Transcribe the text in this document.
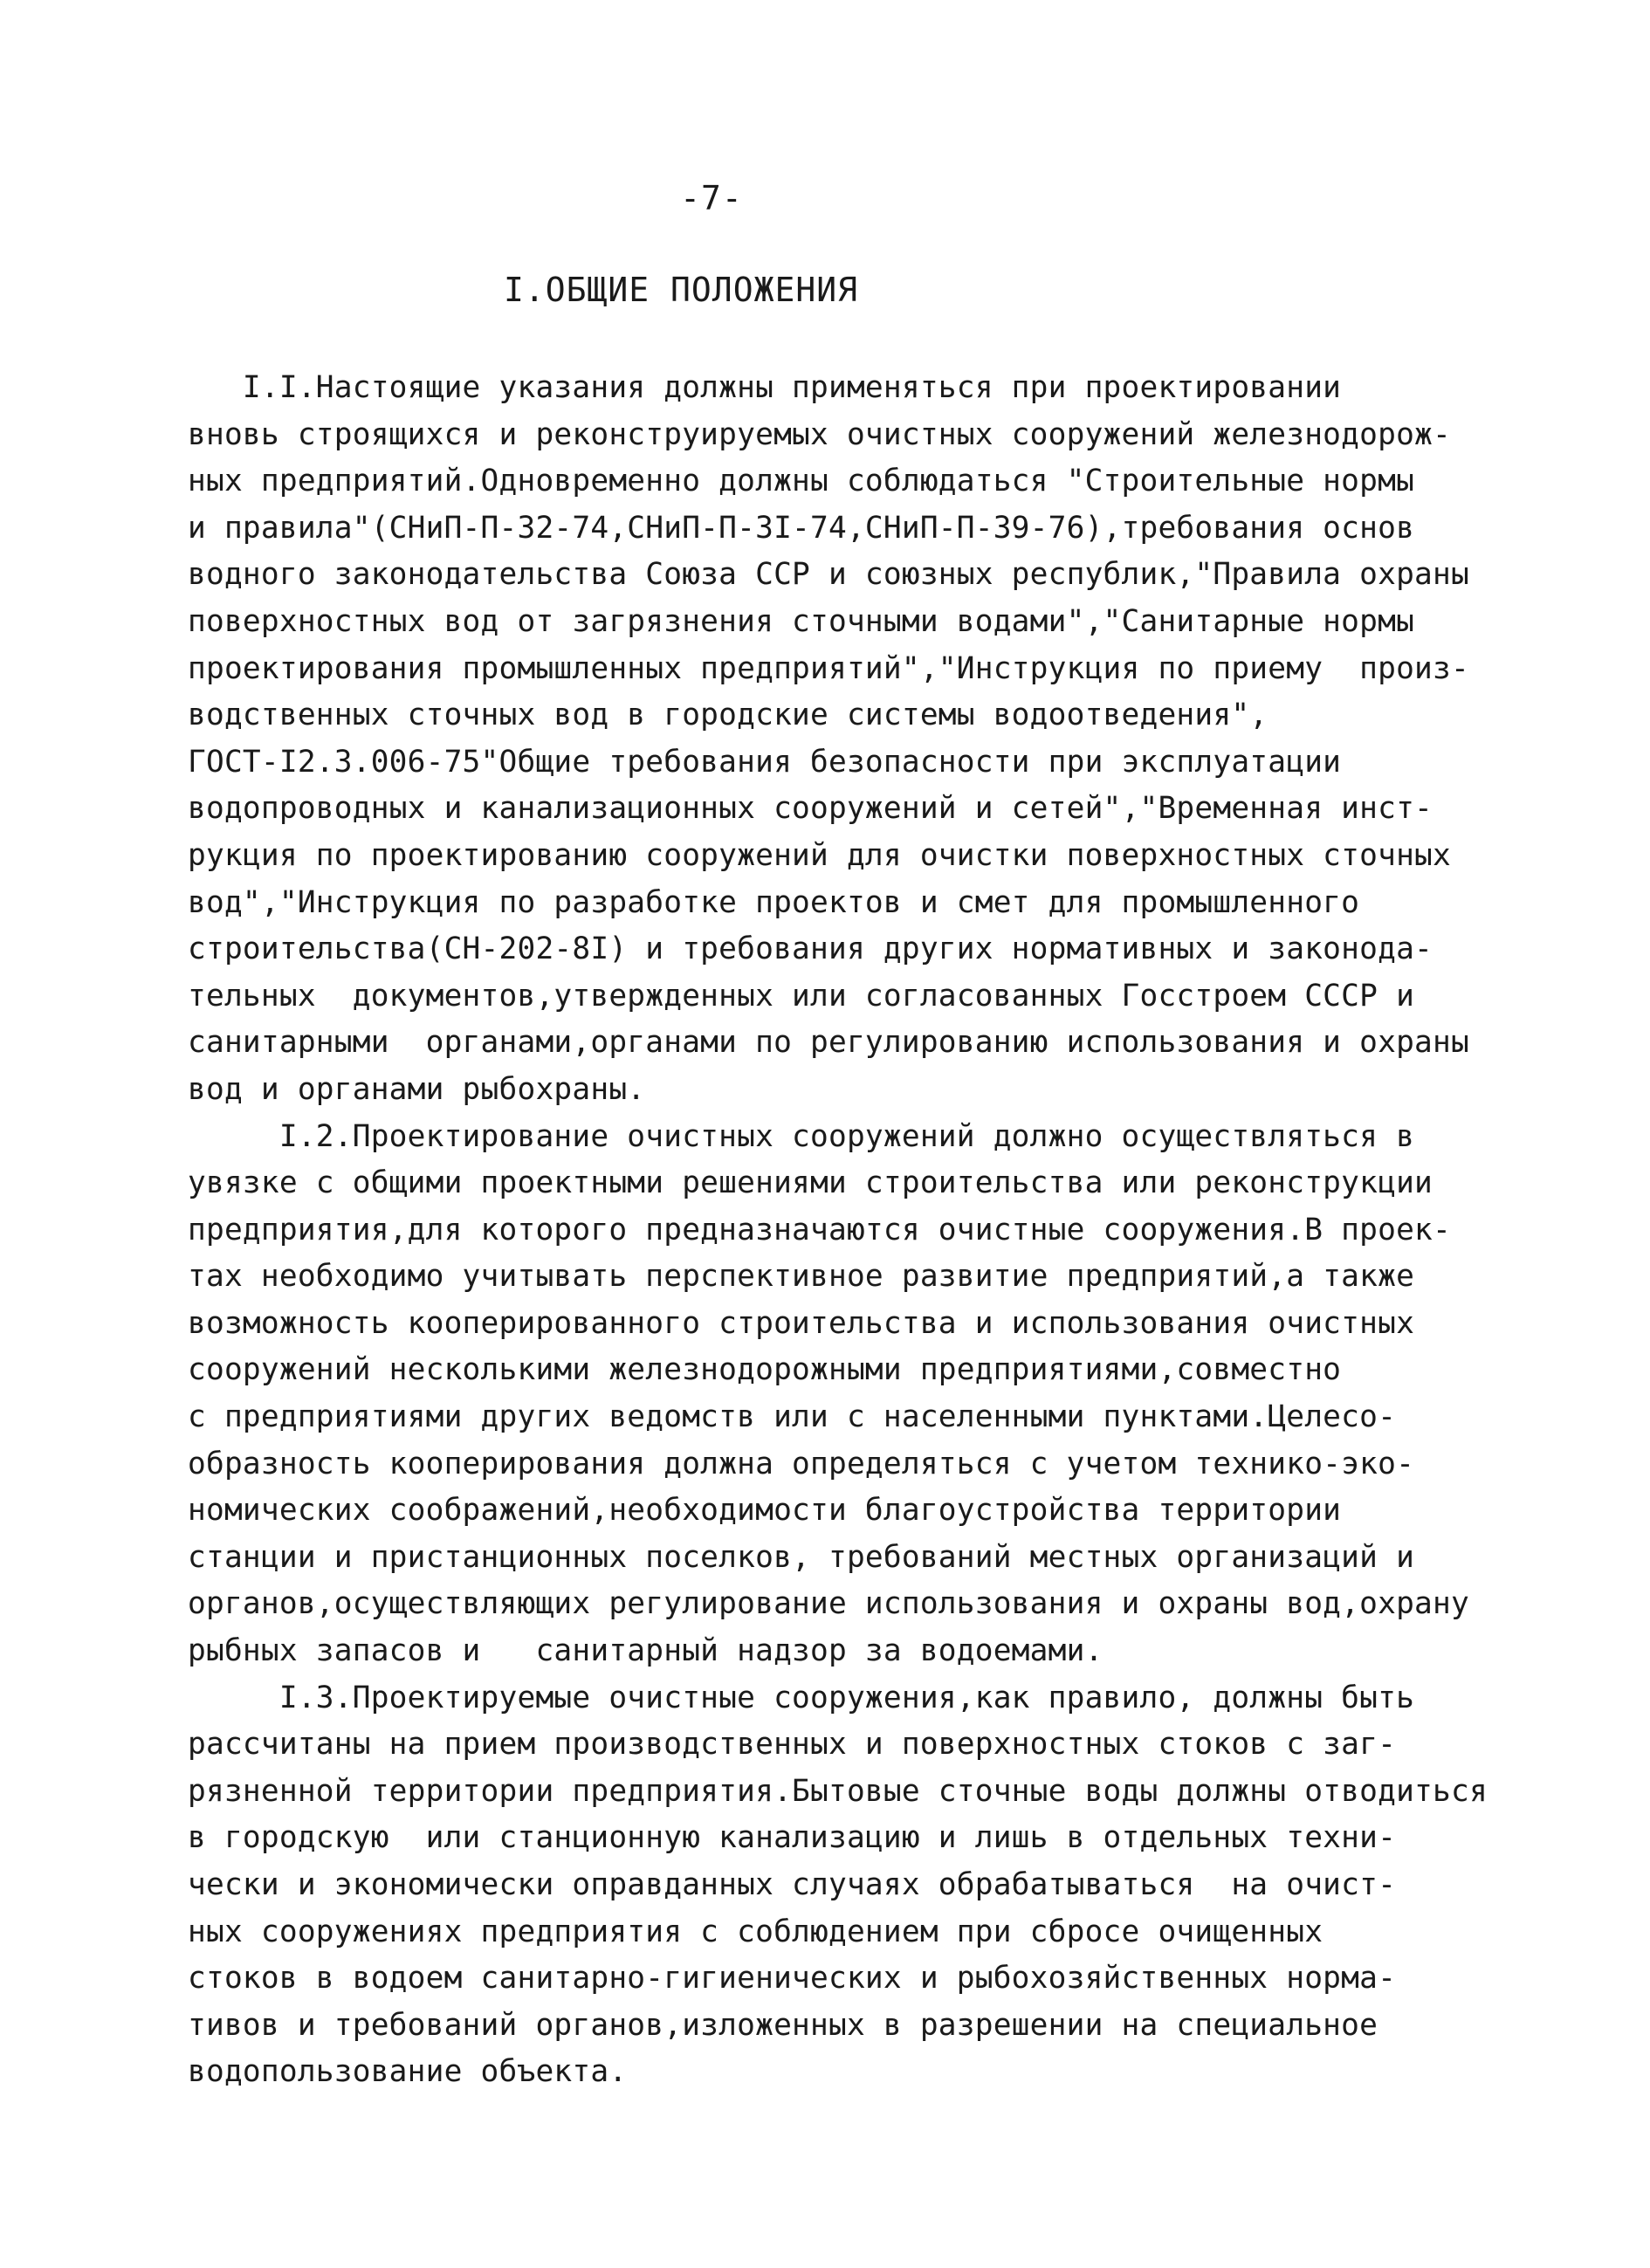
-7-
I.ОБЩИЕ ПОЛОЖЕНИЯ
I.I.Настоящие указания должны применяться при проектировании
вновь строящихся и реконструируемых очистных сооружений железнодорож-
ных предприятий.Одновременно должны соблюдаться "Строительные нормы
и правила"(СНиП-П-32-74,СНиП-П-3I-74,СНиП-П-39-76),требования основ
водного законодательства Союза ССР и союзных республик,"Правила охраны
поверхностных вод от загрязнения сточными водами","Санитарные нормы
проектирования промышленных предприятий","Инструкция по приему  произ-
водственных сточных вод в городские системы водоотведения",
ГОСТ-I2.3.006-75"Общие требования безопасности при эксплуатации
водопроводных и канализационных сооружений и сетей","Временная инст-
рукция по проектированию сооружений для очистки поверхностных сточных
вод","Инструкция по разработке проектов и смет для промышленного
строительства(СН-202-8I) и требования других нормативных и законода-
тельных  документов,утвержденных или согласованных Госстроем СССР и
санитарными  органами,органами по регулированию использования и охраны
вод и органами рыбохраны.
I.2.Проектирование очистных сооружений должно осуществляться в
увязке с общими проектными решениями строительства или реконструкции
предприятия,для которого предназначаются очистные сооружения.В проек-
тах необходимо учитывать перспективное развитие предприятий,а также
возможность кооперированного строительства и использования очистных
сооружений несколькими железнодорожными предприятиями,совместно
с предприятиями других ведомств или с населенными пунктами.Целесо-
образность кооперирования должна определяться с учетом технико-эко-
номических соображений,необходимости благоустройства территории
станции и пристанционных поселков, требований местных организаций и
органов,осуществляющих регулирование использования и охраны вод,охрану
рыбных запасов и   санитарный надзор за водоемами.
I.3.Проектируемые очистные сооружения,как правило, должны быть
рассчитаны на прием производственных и поверхностных стоков с заг-
рязненной территории предприятия.Бытовые сточные воды должны отводиться
в городскую  или станционную канализацию и лишь в отдельных техни-
чески и экономически оправданных случаях обрабатываться  на очист-
ных сооружениях предприятия с соблюдением при сбросе очищенных
стоков в водоем санитарно-гигиенических и рыбохозяйственных норма-
тивов и требований органов,изложенных в разрешении на специальное
водопользование объекта.
